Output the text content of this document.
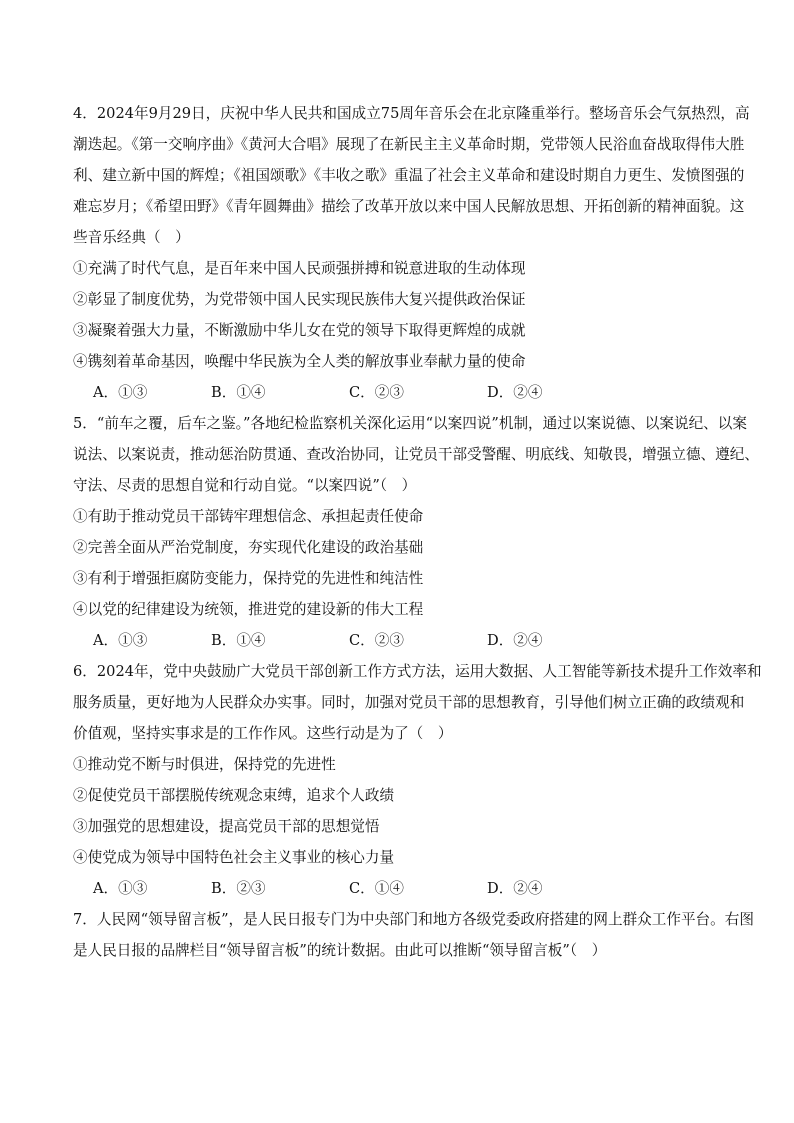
4．2024年9月29日，庆祝中华人民共和国成立75周年音乐会在北京隆重举行。整场音乐会气氛热烈，高
潮迭起。《第一交响序曲》《黄河大合唱》展现了在新民主主义革命时期，党带领人民浴血奋战取得伟大胜
利、建立新中国的辉煌；《祖国颂歌》《丰收之歌》重温了社会主义革命和建设时期自力更生、发愤图强的
难忘岁月；《希望田野》《青年圆舞曲》描绘了改革开放以来中国人民解放思想、开拓创新的精神面貌。这
些音乐经典（　）
①充满了时代气息，是百年来中国人民顽强拼搏和锐意进取的生动体现
②彰显了制度优势，为党带领中国人民实现民族伟大复兴提供政治保证
③凝聚着强大力量，不断激励中华儿女在党的领导下取得更辉煌的成就
④镌刻着革命基因，唤醒中华民族为全人类的解放事业奉献力量的使命
A．①③	B．①④	C．②③	D．②④
5．“前车之覆，后车之鉴。”各地纪检监察机关深化运用“以案四说”机制，通过以案说德、以案说纪、以案
说法、以案说责，推动惩治防贯通、查改治协同，让党员干部受警醒、明底线、知敬畏，增强立德、遵纪、
守法、尽责的思想自觉和行动自觉。“以案四说”（　）
①有助于推动党员干部铸牢理想信念、承担起责任使命
②完善全面从严治党制度，夯实现代化建设的政治基础
③有利于增强拒腐防变能力，保持党的先进性和纯洁性
④以党的纪律建设为统领，推进党的建设新的伟大工程
A．①③	B．①④	C．②③	D．②④
6．2024年，党中央鼓励广大党员干部创新工作方式方法，运用大数据、人工智能等新技术提升工作效率和
服务质量，更好地为人民群众办实事。同时，加强对党员干部的思想教育，引导他们树立正确的政绩观和
价值观，坚持实事求是的工作作风。这些行动是为了（　）
①推动党不断与时俱进，保持党的先进性
②促使党员干部摆脱传统观念束缚，追求个人政绩
③加强党的思想建设，提高党员干部的思想觉悟
④使党成为领导中国特色社会主义事业的核心力量
A．①③	B．②③	C．①④	D．②④
7．人民网“领导留言板”，是人民日报专门为中央部门和地方各级党委政府搭建的网上群众工作平台。右图
是人民日报的品牌栏目“领导留言板”的统计数据。由此可以推断“领导留言板”（　）
